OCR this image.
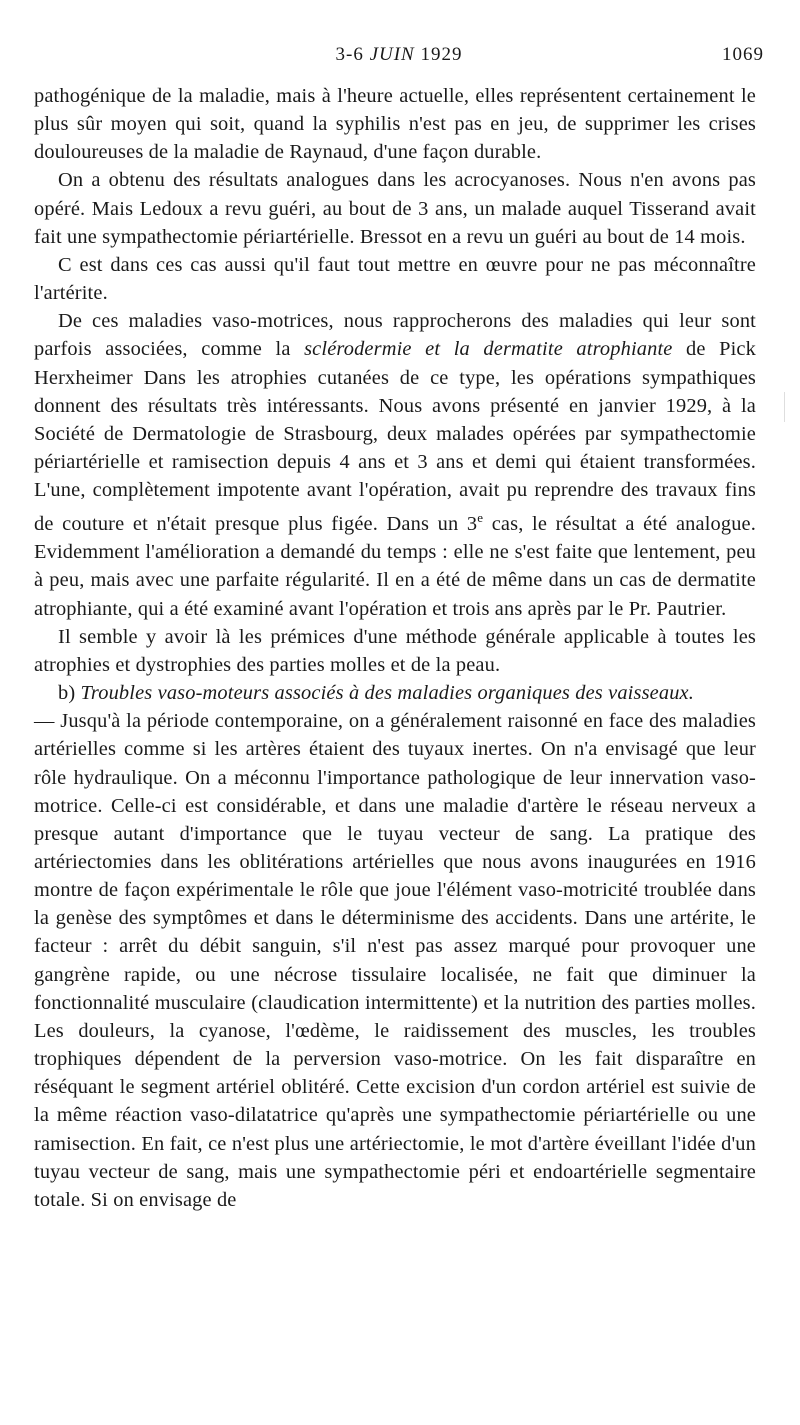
3-6 JUIN 1929	1069

pathogénique de la maladie, mais à l'heure actuelle, elles représentent certainement le plus sûr moyen qui soit, quand la syphilis n'est pas en jeu, de supprimer les crises douloureuses de la maladie de Raynaud, d'une façon durable.

On a obtenu des résultats analogues dans les acrocyanoses. Nous n'en avons pas opéré. Mais Ledoux a revu guéri, au bout de 3 ans, un malade auquel Tisserand avait fait une sympathectomie périartérielle. Bressot en a revu un guéri au bout de 14 mois.

C est dans ces cas aussi qu'il faut tout mettre en œuvre pour ne pas méconnaître l'artérite.

De ces maladies vaso-motrices, nous rapprocherons des maladies qui leur sont parfois associées, comme la sclérodermie et la dermatite atrophiante de Pick Herxheimer Dans les atrophies cutanées de ce type, les opérations sympathiques donnent des résultats très intéressants. Nous avons présenté en janvier 1929, à la Société de Dermatologie de Strasbourg, deux malades opérées par sympathectomie périartérielle et ramisection depuis 4 ans et 3 ans et demi qui étaient transformées. L'une, complètement impotente avant l'opération, avait pu reprendre des travaux fins de couture et n'était presque plus figée. Dans un 3e cas, le résultat a été analogue. Evidemment l'amélioration a demandé du temps : elle ne s'est faite que lentement, peu à peu, mais avec une parfaite régularité. Il en a été de même dans un cas de dermatite atrophiante, qui a été examiné avant l'opération et trois ans après par le Pr. Pautrier.

Il semble y avoir là les prémices d'une méthode générale applicable à toutes les atrophies et dystrophies des parties molles et de la peau.

b) Troubles vaso-moteurs associés à des maladies organiques des vaisseaux.

— Jusqu'à la période contemporaine, on a généralement raisonné en face des maladies artérielles comme si les artères étaient des tuyaux inertes. On n'a envisagé que leur rôle hydraulique. On a méconnu l'importance pathologique de leur innervation vaso-motrice. Celle-ci est considérable, et dans une maladie d'artère le réseau nerveux a presque autant d'importance que le tuyau vecteur de sang. La pratique des artériectomies dans les oblitérations artérielles que nous avons inaugurées en 1916 montre de façon expérimentale le rôle que joue l'élément vaso-motricité troublée dans la genèse des symptômes et dans le déterminisme des accidents. Dans une artérite, le facteur : arrêt du débit sanguin, s'il n'est pas assez marqué pour provoquer une gangrène rapide, ou une nécrose tissulaire localisée, ne fait que diminuer la fonctionnalité musculaire (claudication intermittente) et la nutrition des parties molles. Les douleurs, la cyanose, l'œdème, le raidissement des muscles, les troubles trophiques dépendent de la perversion vaso-motrice. On les fait disparaître en réséquant le segment artériel oblitéré. Cette excision d'un cordon artériel est suivie de la même réaction vaso-dilatatrice qu'après une sympathectomie périartérielle ou une ramisection. En fait, ce n'est plus une artériectomie, le mot d'artère éveillant l'idée d'un tuyau vecteur de sang, mais une sympathectomie péri et endoartérielle segmentaire totale. Si on envisage de
